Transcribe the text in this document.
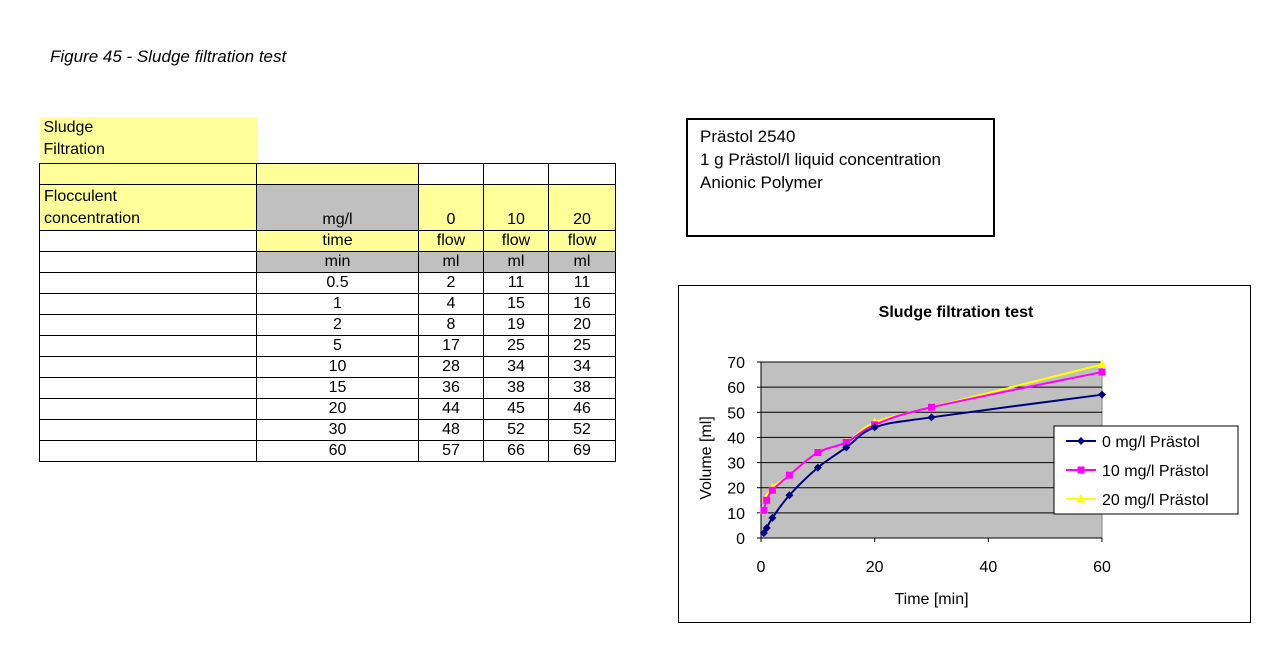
Figure 45 - Sludge filtration test
Sludge
Filtration				

Flocculent
concentration	mg/l	0	10	20
	time	flow	flow	flow
	min	ml	ml	ml
	0.5	2	11	11
	1	4	15	16
	2	8	19	20
	5	17	25	25
	10	28	34	34
	15	36	38	38
	20	44	45	46
	30	48	52	52
	60	57	66	69
Prästol 2540
1 g Prästol/l liquid concentration
Anionic Polymer
Sludge filtration test
0
10
20
30
40
50
60
70
0	20	40	60
Time [min]
Volume [ml]	0 mg/l Prästol
10 mg/l Prästol
20 mg/l Prästol
